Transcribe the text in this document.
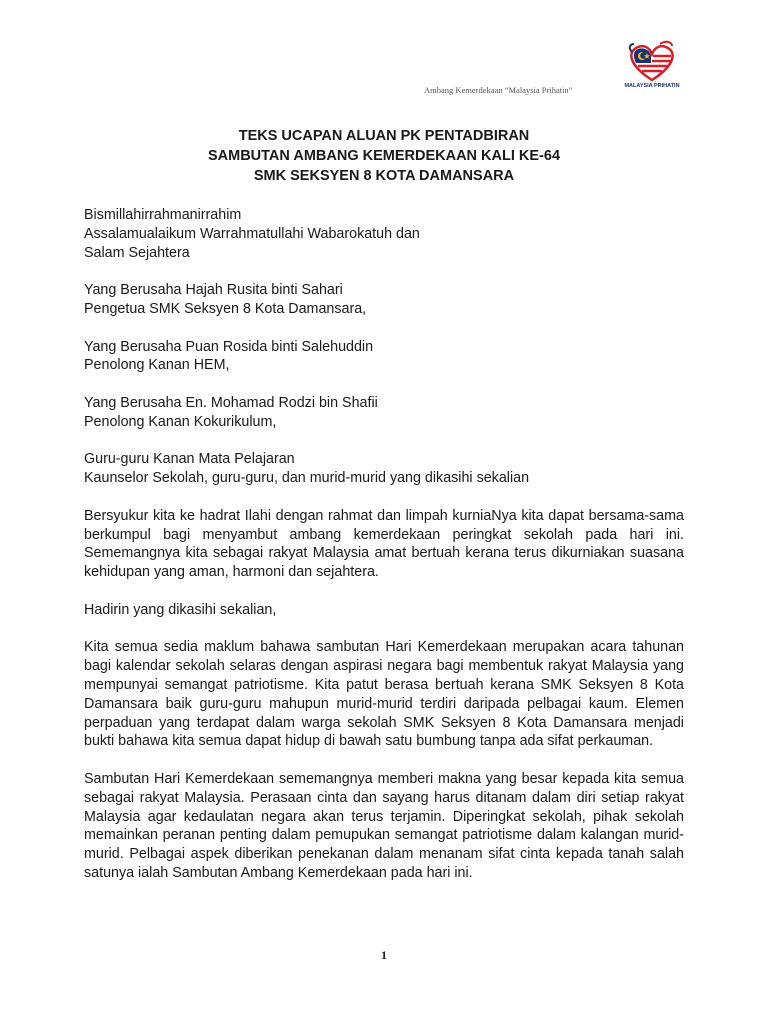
Ambang Kemerdekaan “Malaysia Prihatin”	MALAYSIA PRIHATIN
TEKS UCAPAN ALUAN PK PENTADBIRAN
SAMBUTAN AMBANG KEMERDEKAAN KALI KE-64
SMK SEKSYEN 8 KOTA DAMANSARA
Bismillahirrahmanirrahim
Assalamualaikum Warrahmatullahi Wabarokatuh dan
Salam Sejahtera
Yang Berusaha Hajah Rusita binti Sahari
Pengetua SMK Seksyen 8 Kota Damansara,
Yang Berusaha Puan Rosida binti Salehuddin
Penolong Kanan HEM,
Yang Berusaha En. Mohamad Rodzi bin Shafii
Penolong Kanan Kokurikulum,
Guru-guru Kanan Mata Pelajaran
Kaunselor Sekolah, guru-guru, dan murid-murid yang dikasihi sekalian

Bersyukur kita ke hadrat Ilahi dengan rahmat dan limpah kurniaNya kita dapat bersama-sama berkumpul bagi menyambut ambang kemerdekaan peringkat sekolah pada hari ini. Sememangnya kita sebagai rakyat Malaysia amat bertuah kerana terus dikurniakan suasana kehidupan yang aman, harmoni dan sejahtera.

Hadirin yang dikasihi sekalian,

Kita semua sedia maklum bahawa sambutan Hari Kemerdekaan merupakan acara tahunan bagi kalendar sekolah selaras dengan aspirasi negara bagi membentuk rakyat Malaysia yang mempunyai semangat patriotisme. Kita patut berasa bertuah kerana SMK Seksyen 8 Kota Damansara baik guru-guru mahupun murid-murid terdiri daripada pelbagai kaum. Elemen perpaduan yang terdapat dalam warga sekolah SMK Seksyen 8 Kota Damansara menjadi bukti bahawa kita semua dapat hidup di bawah satu bumbung tanpa ada sifat perkauman.

Sambutan Hari Kemerdekaan sememangnya memberi makna yang besar kepada kita semua sebagai rakyat Malaysia. Perasaan cinta dan sayang harus ditanam dalam diri setiap rakyat Malaysia agar kedaulatan negara akan terus terjamin. Diperingkat sekolah, pihak sekolah memainkan peranan penting dalam pemupukan semangat patriotisme dalam kalangan murid-murid. Pelbagai aspek diberikan penekanan dalam menanam sifat cinta kepada tanah salah satunya ialah Sambutan Ambang Kemerdekaan pada hari ini.

1
